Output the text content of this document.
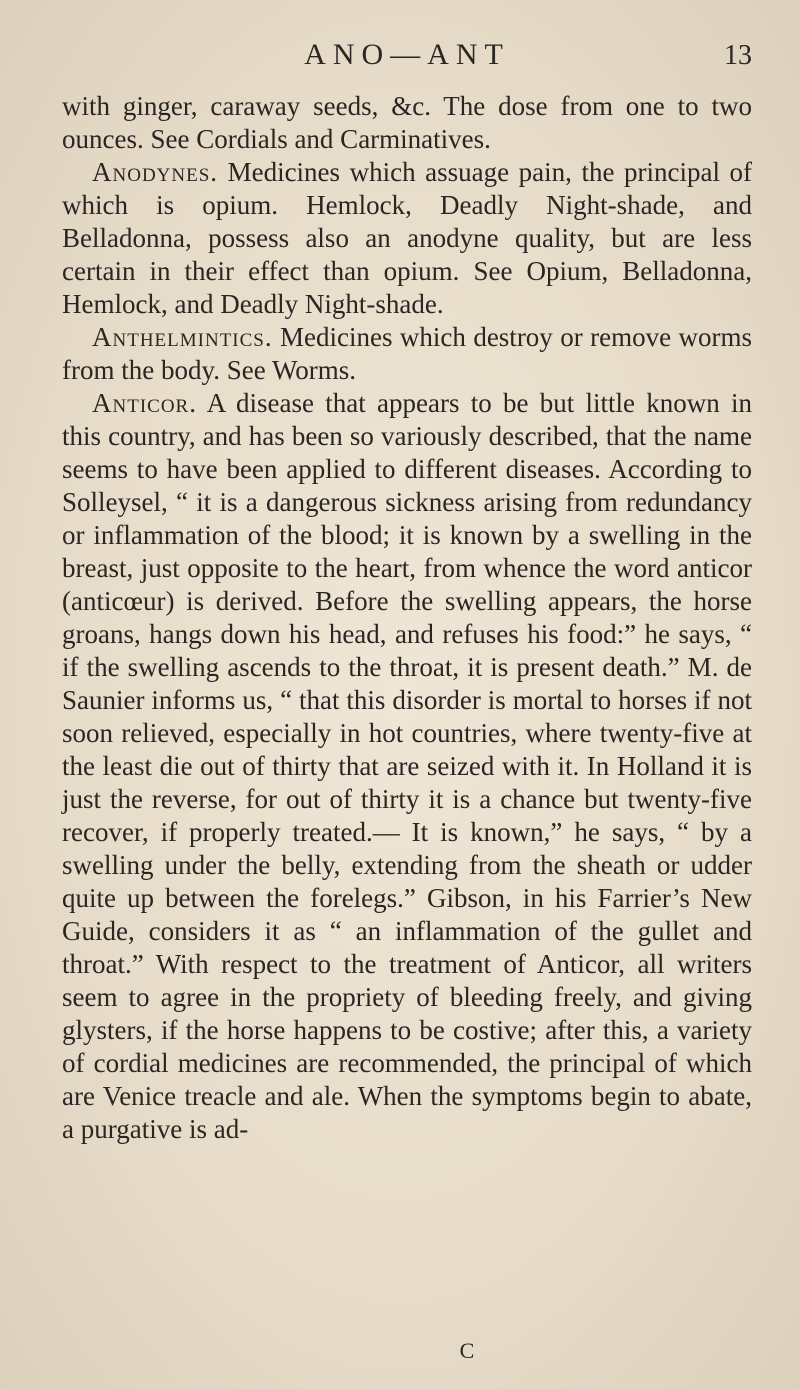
ANO—ANT	13

with ginger, caraway seeds, &c. The dose from one to two ounces. See Cordials and Carminatives.

Anodynes. Medicines which assuage pain, the principal of which is opium. Hemlock, Deadly Night-shade, and Belladonna, possess also an anodyne quality, but are less certain in their effect than opium. See Opium, Belladonna, Hemlock, and Deadly Night-shade.

Anthelmintics. Medicines which destroy or remove worms from the body. See Worms.

Anticor. A disease that appears to be but little known in this country, and has been so variously described, that the name seems to have been applied to different diseases. According to Solleysel, “ it is a dangerous sickness arising from redundancy or inflammation of the blood; it is known by a swelling in the breast, just opposite to the heart, from whence the word anticor (anticœur) is derived. Before the swelling appears, the horse groans, hangs down his head, and refuses his food:” he says, “ if the swelling ascends to the throat, it is present death.” M. de Saunier informs us, “ that this disorder is mortal to horses if not soon relieved, especially in hot countries, where twenty-five at the least die out of thirty that are seized with it. In Holland it is just the reverse, for out of thirty it is a chance but twenty-five recover, if properly treated.— It is known,” he says, “ by a swelling under the belly, extending from the sheath or udder quite up between the forelegs.” Gibson, in his Farrier’s New Guide, considers it as “ an inflammation of the gullet and throat.” With respect to the treatment of Anticor, all writers seem to agree in the propriety of bleeding freely, and giving glysters, if the horse happens to be costive; after this, a variety of cordial medicines are recommended, the principal of which are Venice treacle and ale. When the symptoms begin to abate, a purgative is ad-

C
